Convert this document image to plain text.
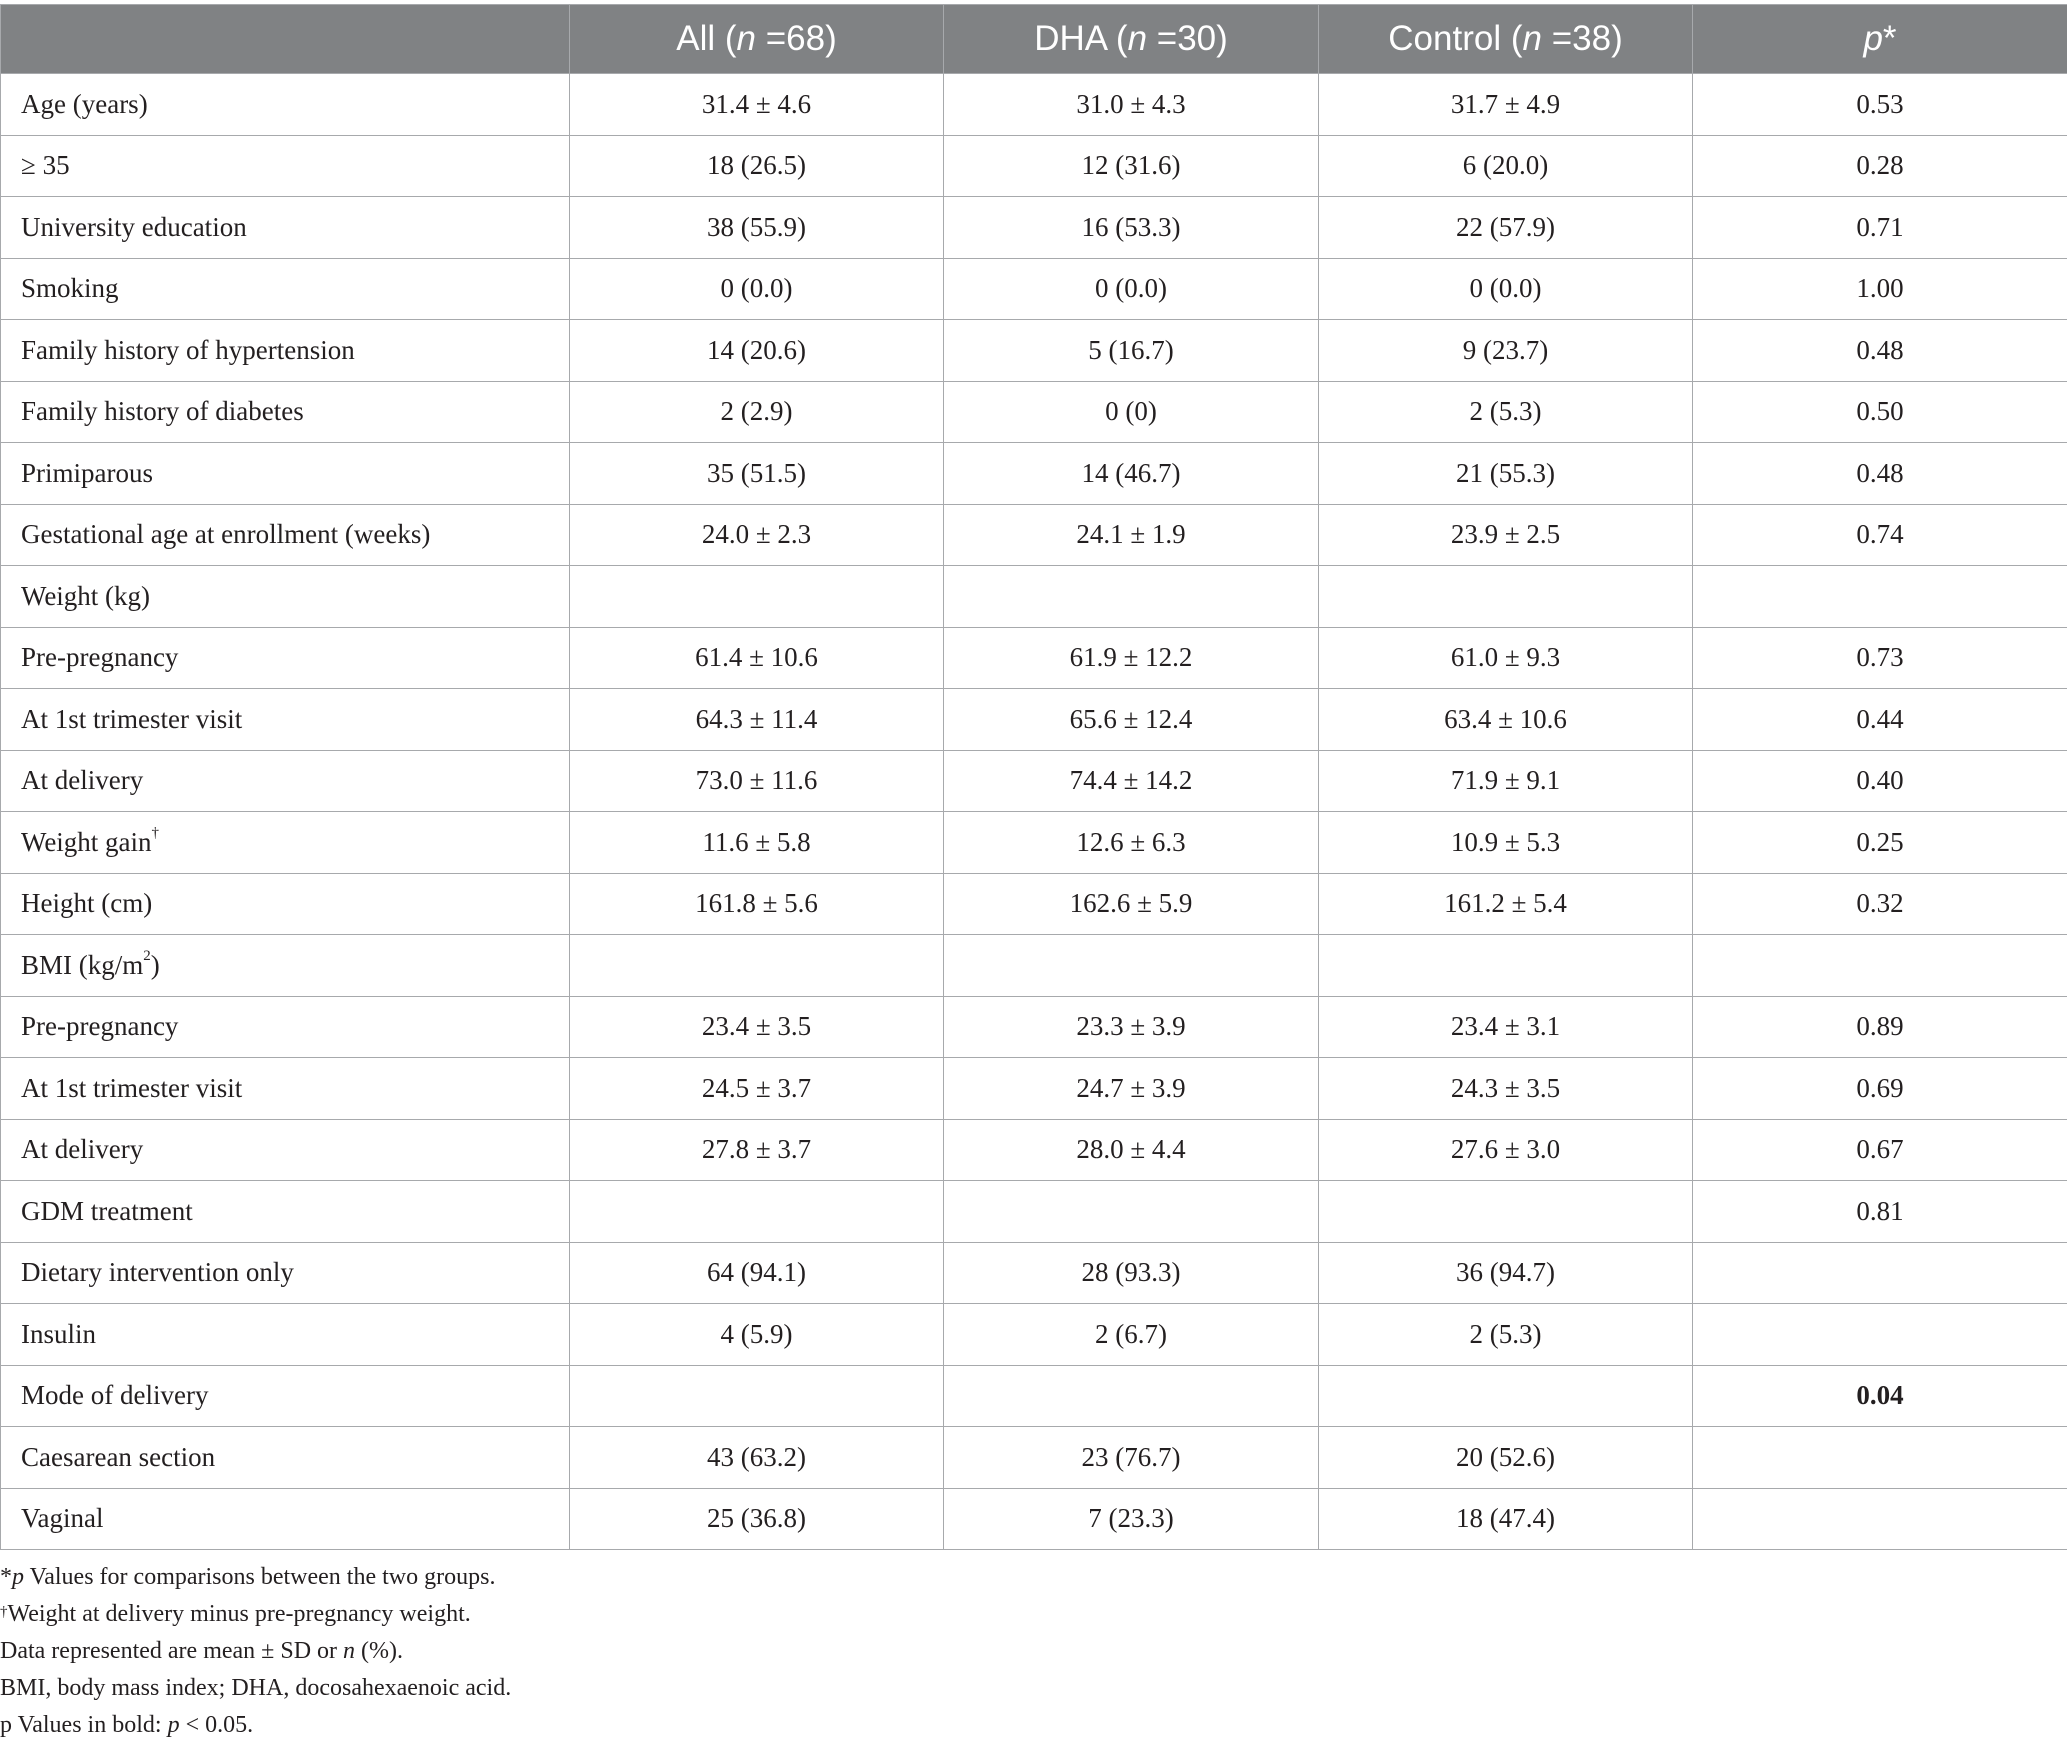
	All (n =68)	DHA (n =30)	Control (n =38)	p*
Age (years)	31.4 ± 4.6	31.0 ± 4.3	31.7 ± 4.9	0.53
≥ 35	18 (26.5)	12 (31.6)	6 (20.0)	0.28
University education	38 (55.9)	16 (53.3)	22 (57.9)	0.71
Smoking	0 (0.0)	0 (0.0)	0 (0.0)	1.00
Family history of hypertension	14 (20.6)	5 (16.7)	9 (23.7)	0.48
Family history of diabetes	2 (2.9)	0 (0)	2 (5.3)	0.50
Primiparous	35 (51.5)	14 (46.7)	21 (55.3)	0.48
Gestational age at enrollment (weeks)	24.0 ± 2.3	24.1 ± 1.9	23.9 ± 2.5	0.74
Weight (kg)				
Pre-pregnancy	61.4 ± 10.6	61.9 ± 12.2	61.0 ± 9.3	0.73
At 1st trimester visit	64.3 ± 11.4	65.6 ± 12.4	63.4 ± 10.6	0.44
At delivery	73.0 ± 11.6	74.4 ± 14.2	71.9 ± 9.1	0.40
Weight gain†	11.6 ± 5.8	12.6 ± 6.3	10.9 ± 5.3	0.25
Height (cm)	161.8 ± 5.6	162.6 ± 5.9	161.2 ± 5.4	0.32
BMI $(kg/m^2)$				
Pre-pregnancy	23.4 ± 3.5	23.3 ± 3.9	23.4 ± 3.1	0.89
At 1st trimester visit	24.5 ± 3.7	24.7 ± 3.9	24.3 ± 3.5	0.69
At delivery	27.8 ± 3.7	28.0 ± 4.4	27.6 ± 3.0	0.67
GDM treatment				0.81
Dietary intervention only	64 (94.1)	28 (93.3)	36 (94.7)	
Insulin	4 (5.9)	2 (6.7)	2 (5.3)	
Mode of delivery				0.04
Caesarean section	43 (63.2)	23 (76.7)	20 (52.6)	
Vaginal	25 (36.8)	7 (23.3)	18 (47.4)	
*p Values for comparisons between the two groups.
†Weight at delivery minus pre-pregnancy weight.
Data represented are mean ± SD or n (%).
BMI, body mass index; DHA, docosahexaenoic acid.
p Values in bold: p < 0.05.
